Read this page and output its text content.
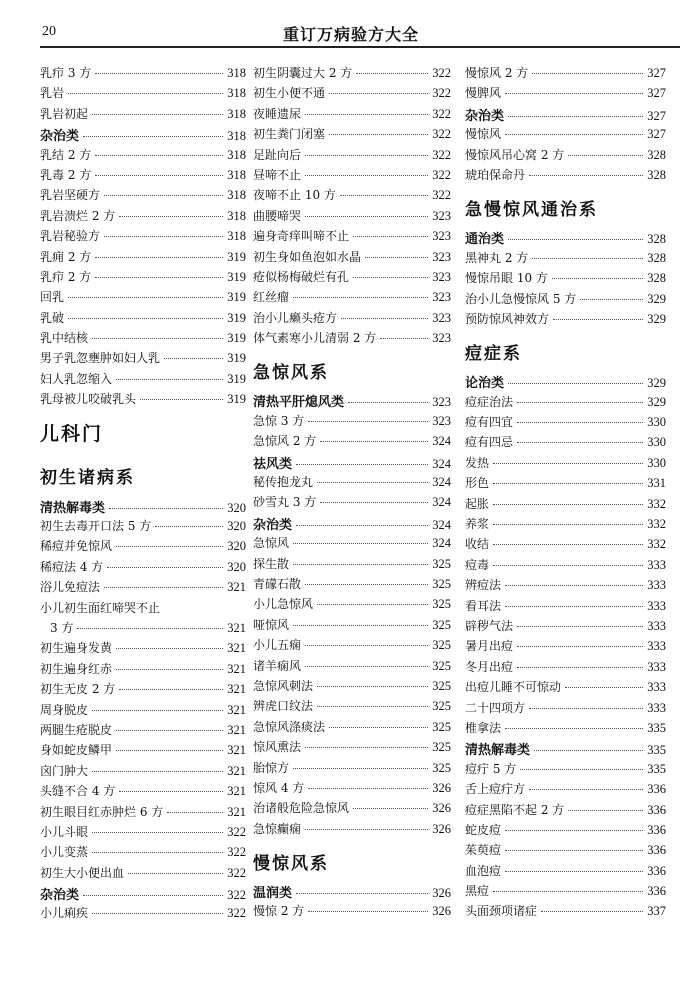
20	重订万病验方大全
乳疖 3 方	318
乳岩	318
乳岩初起	318
杂治类	318
乳结 2 方	318
乳毒 2 方	318
乳岩坚硬方	318
乳岩溃烂 2 方	318
乳岩秘验方	318
乳痈 2 方	319
乳疖 2 方	319
回乳	319
乳破	319
乳中结核	319
男子乳忽壅肿如妇人乳	319
妇人乳忽缩入	319
乳母被儿咬破乳头	319
儿科门
初生诸病系
清热解毒类	320
初生去毒开口法 5 方	320
稀痘并免惊风	320
稀痘法 4 方	320
浴儿免痘法	321
小儿初生面红啼哭不止
3 方	321
初生遍身发黄	321
初生遍身红赤	321
初生无皮 2 方	321
周身脱皮	321
两腿生疮脱皮	321
身如蛇皮鳞甲	321
囟门肿大	321
头缝不合 4 方	321
初生眼目红赤肿烂 6 方	321
小儿斗眼	322
小儿变蒸	322
初生大小便出血	322
杂治类	322
小儿痢疾	322
初生阴囊过大 2 方	322
初生小便不通	322
夜睡遗尿	322
初生粪门闭塞	322
足趾向后	322
昼啼不止	322
夜啼不止 10 方	322
曲腰啼哭	323
遍身奇痒叫啼不止	323
初生身如鱼泡如水晶	323
疮似杨梅破烂有孔	323
红丝瘤	323
治小儿癞头疮方	323
体气素寒小儿清弱 2 方	323
急惊风系
清热平肝熄风类	323
急惊 3 方	323
急惊风 2 方	324
祛风类	324
秘传抱龙丸	324
砂雪丸 3 方	324
杂治类	324
急惊风	324
探生散	325
青礞石散	325
小儿急惊风	325
哑惊风	325
小儿五痫	325
诸羊痫风	325
急惊风刺法	325
辨虎口纹法	325
急惊风涤痰法	325
惊风熏法	325
胎惊方	325
惊风 4 方	326
治诸般危险急惊风	326
急惊癫痫	326
慢惊风系
温润类	326
慢惊 2 方	326
慢惊风 2 方	327
慢脾风	327
杂治类	327
慢惊风	327
慢惊风吊心窝 2 方	328
琥珀保命丹	328
急慢惊风通治系
通治类	328
黑神丸 2 方	328
慢惊吊眼 10 方	328
治小儿急慢惊风 5 方	329
预防惊风神效方	329
痘症系
论治类	329
痘症治法	329
痘有四宜	330
痘有四忌	330
发热	330
形色	331
起胀	332
养浆	332
收结	332
痘毒	333
辨痘法	333
看耳法	333
辟秽气法	333
暑月出痘	333
冬月出痘	333
出痘儿睡不可惊动	333
二十四项方	333
椎拿法	335
清热解毒类	335
痘疔 5 方	335
舌上痘疔方	336
痘症黑陷不起 2 方	336
蛇皮痘	336
茱萸痘	336
血泡痘	336
黑痘	336
头面颈项诸症	337
